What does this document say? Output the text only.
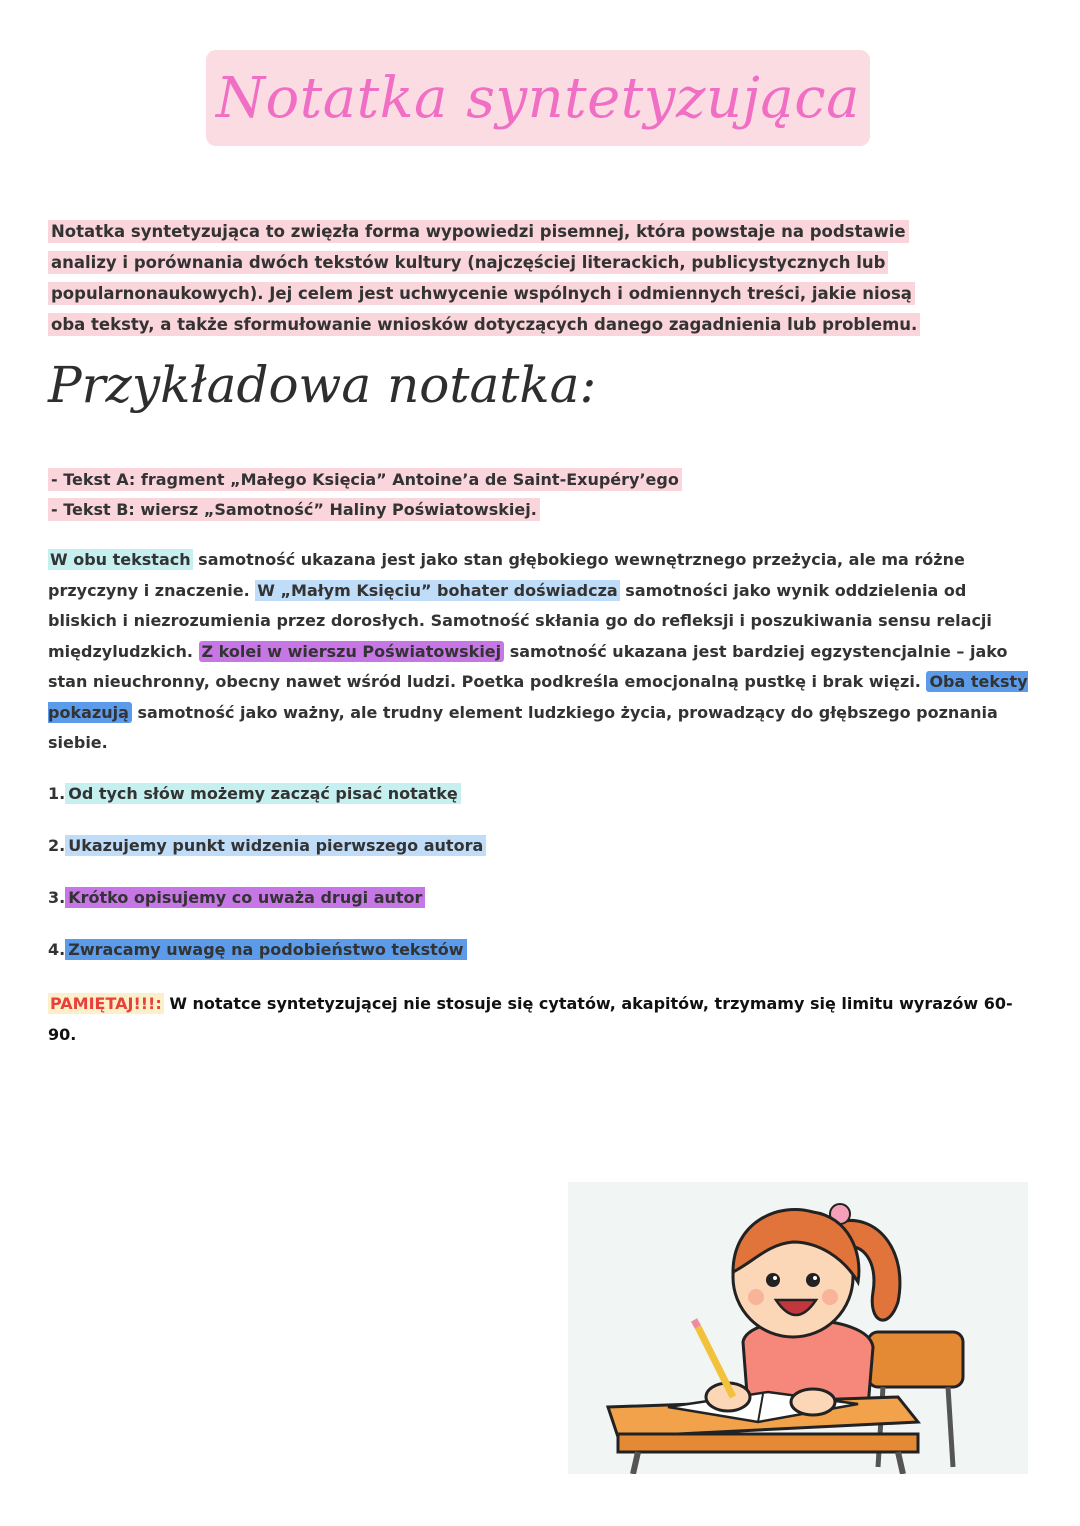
Notatka syntetyzująca
Notatka syntetyzująca to zwięzła forma wypowiedzi pisemnej, która powstaje na podstawie
analizy i porównania dwóch tekstów kultury (najczęściej literackich, publicystycznych lub
popularnonaukowych). Jej celem jest uchwycenie wspólnych i odmiennych treści, jakie niosą
oba teksty, a także sformułowanie wniosków dotyczących danego zagadnienia lub problemu.
Przykładowa notatka:
- Tekst A: fragment „Małego Księcia” Antoine’a de Saint-Exupéry’ego
- Tekst B: wiersz „Samotność” Haliny Poświatowskiej.
W obu tekstach samotność ukazana jest jako stan głębokiego wewnętrznego przeżycia, ale ma różne przyczyny i znaczenie. W „Małym Księciu” bohater doświadcza samotności jako wynik oddzielenia od bliskich i niezrozumienia przez dorosłych. Samotność skłania go do refleksji i poszukiwania sensu relacji międzyludzkich. Z kolei w wierszu Poświatowskiej samotność ukazana jest bardziej egzystencjalnie – jako stan nieuchronny, obecny nawet wśród ludzi. Poetka podkreśla emocjonalną pustkę i brak więzi. Oba teksty pokazują samotność jako ważny, ale trudny element ludzkiego życia, prowadzący do głębszego poznania siebie.
1. Od tych słów możemy zacząć pisać notatkę
2. Ukazujemy punkt widzenia pierwszego autora
3. Krótko opisujemy co uważa drugi autor
4. Zwracamy uwagę na podobieństwo tekstów
PAMIĘTAJ!!!: W notatce syntetyzującej nie stosuje się cytatów, akapitów, trzymamy się limitu wyrazów 60-90.
